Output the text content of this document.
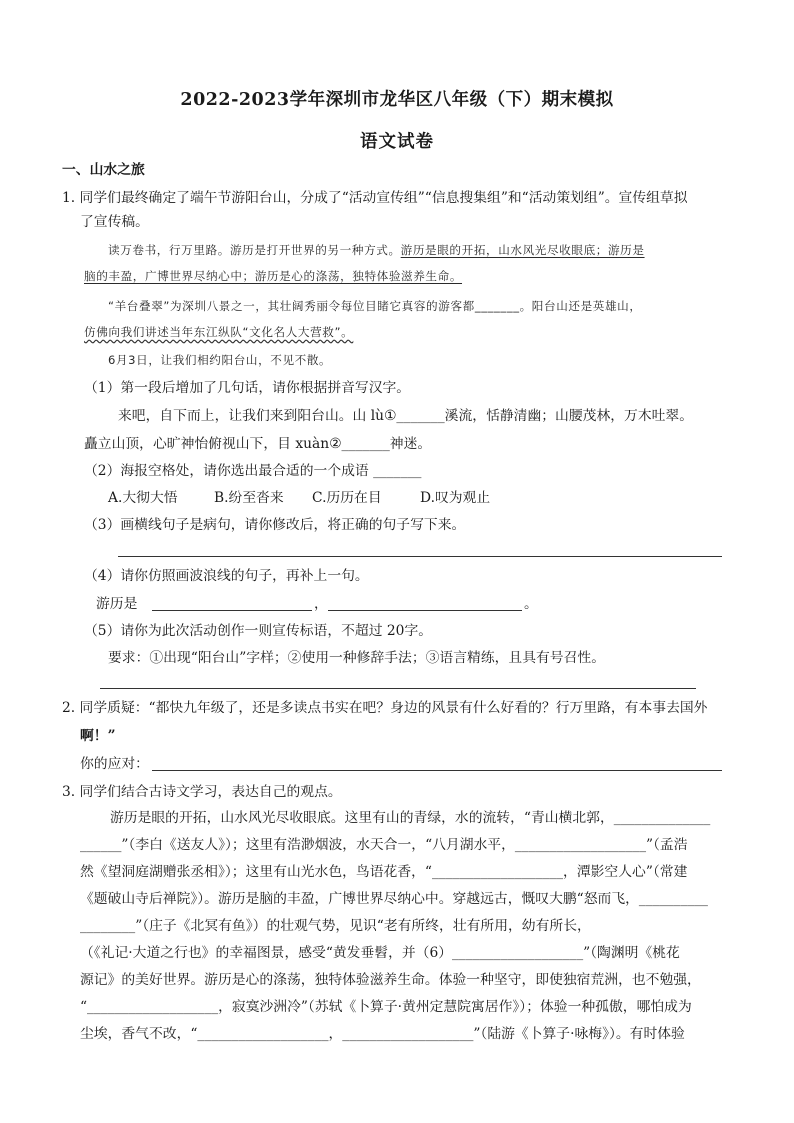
2022-2023学年深圳市龙华区八年级（下）期末模拟
语文试卷
一、山水之旅
1. 同学们最终确定了端午节游阳台山，分成了“活动宣传组”“信息搜集组”和“活动策划组”。宣传组草拟
了宣传稿。
读万卷书，行万里路。游历是打开世界的另一种方式。游历是眼的开拓，山水风光尽收眼底；游历是
脑的丰盈，广博世界尽纳心中；游历是心的涤荡，独特体验滋养生命。
“羊台叠翠”为深圳八景之一，其壮阔秀丽令每位目睹它真容的游客都_______。阳台山还是英雄山，
仿佛向我们讲述当年东江纵队“文化名人大营救”。
6月3日，让我们相约阳台山，不见不散。
（1）第一段后增加了几句话，请你根据拼音写汉字。
来吧，自下而上，让我们来到阳台山。山 lù①_______溪流，恬静清幽；山腰茂林，万木吐翠。
矗立山顶，心旷神怡俯视山下，目 xuàn②_______神迷。
（2）海报空格处，请你选出最合适的一个成语 _______
A.大彻大悟	B.纷至沓来 C.历历在目	D.叹为观止
（3）画横线句子是病句，请你修改后，将正确的句子写下来。
（4）请你仿照画波浪线的句子，再补上一句。
游历是	，	。
（5）请你为此次活动创作一则宣传标语，不超过 20字。
要求：①出现“阳台山”字样；②使用一种修辞手法；③语言精练，且具有号召性。
2. 同学质疑：“都快九年级了，还是多读点书实在吧？身边的风景有什么好看的？行万里路，有本事去国外
啊！”
你的应对：
3. 同学们结合古诗文学习，表达自己的观点。
游历是眼的开拓，山水风光尽收眼底。这里有山的青绿，水的流转，“青山横北郭，______________
______”（李白《送友人》）；这里有浩渺烟波，水天合一，“八月湖水平，___________________”（孟浩
然《望洞庭湖赠张丞相》）；这里有山光水色，鸟语花香，“___________________，潭影空人心”（常建
《题破山寺后禅院》）。游历是脑的丰盈，广博世界尽纳心中。穿越远古，慨叹大鹏“怒而飞，__________
________”（庄子《北冥有鱼》）的壮观气势，见识“老有所终，壮有所用，幼有所长，
（《礼记·大道之行也》的幸福图景，感受“黄发垂髫，并（6）___________________”（陶渊明《桃花
源记》的美好世界。游历是心的涤荡，独特体验滋养生命。体验一种坚守，即使独宿荒洲，也不勉强，
“___________________，寂寞沙洲冷”（苏轼《卜算子·黄州定慧院寓居作》）；体验一种孤傲，哪怕成为
尘埃，香气不改，“___________________，___________________”（陆游《卜算子·咏梅》）。有时体验
